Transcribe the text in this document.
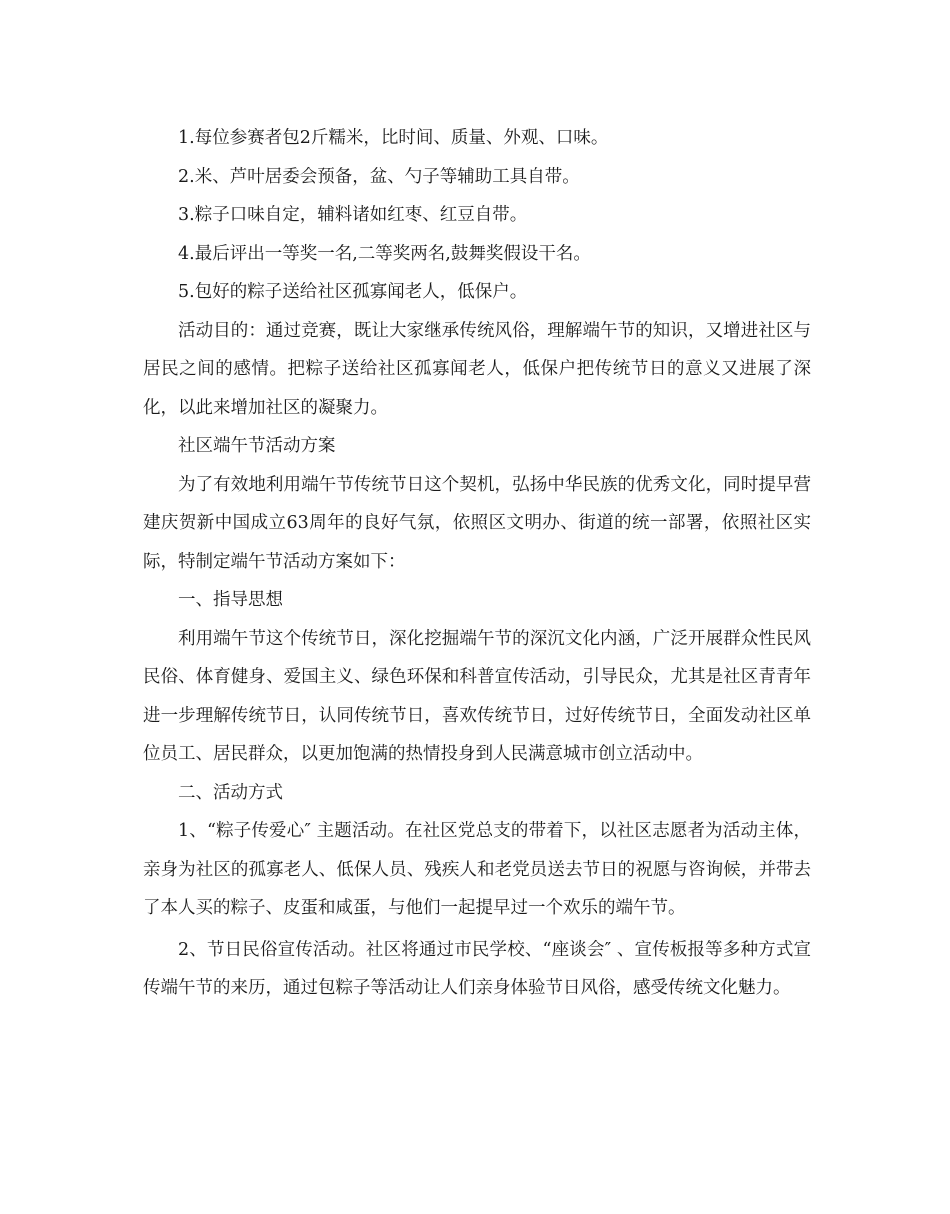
1.每位参赛者包2斤糯米，比时间、质量、外观、口味。

2.米、芦叶居委会预备，盆、勺子等辅助工具自带。

3.粽子口味自定，辅料诸如红枣、红豆自带。

4.最后评出一等奖一名,二等奖两名,鼓舞奖假设干名。

5.包好的粽子送给社区孤寡闻老人，低保户。

活动目的：通过竞赛，既让大家继承传统风俗，理解端午节的知识，又增进社区与居民之间的感情。把粽子送给社区孤寡闻老人，低保户把传统节日的意义又进展了深化，以此来增加社区的凝聚力。

社区端午节活动方案

为了有效地利用端午节传统节日这个契机，弘扬中华民族的优秀文化，同时提早营建庆贺新中国成立63周年的良好气氛，依照区文明办、街道的统一部署，依照社区实际，特制定端午节活动方案如下：

一、指导思想

利用端午节这个传统节日，深化挖掘端午节的深沉文化内涵，广泛开展群众性民风民俗、体育健身、爱国主义、绿色环保和科普宣传活动，引导民众，尤其是社区青青年进一步理解传统节日，认同传统节日，喜欢传统节日，过好传统节日，全面发动社区单位员工、居民群众，以更加饱满的热情投身到人民满意城市创立活动中。

二、活动方式

1、“粽子传爱心″ 主题活动。在社区党总支的带着下，以社区志愿者为活动主体，亲身为社区的孤寡老人、低保人员、残疾人和老党员送去节日的祝愿与咨询候，并带去了本人买的粽子、皮蛋和咸蛋，与他们一起提早过一个欢乐的端午节。

2、节日民俗宣传活动。社区将通过市民学校、“座谈会″ 、宣传板报等多种方式宣传端午节的来历，通过包粽子等活动让人们亲身体验节日风俗，感受传统文化魅力。
